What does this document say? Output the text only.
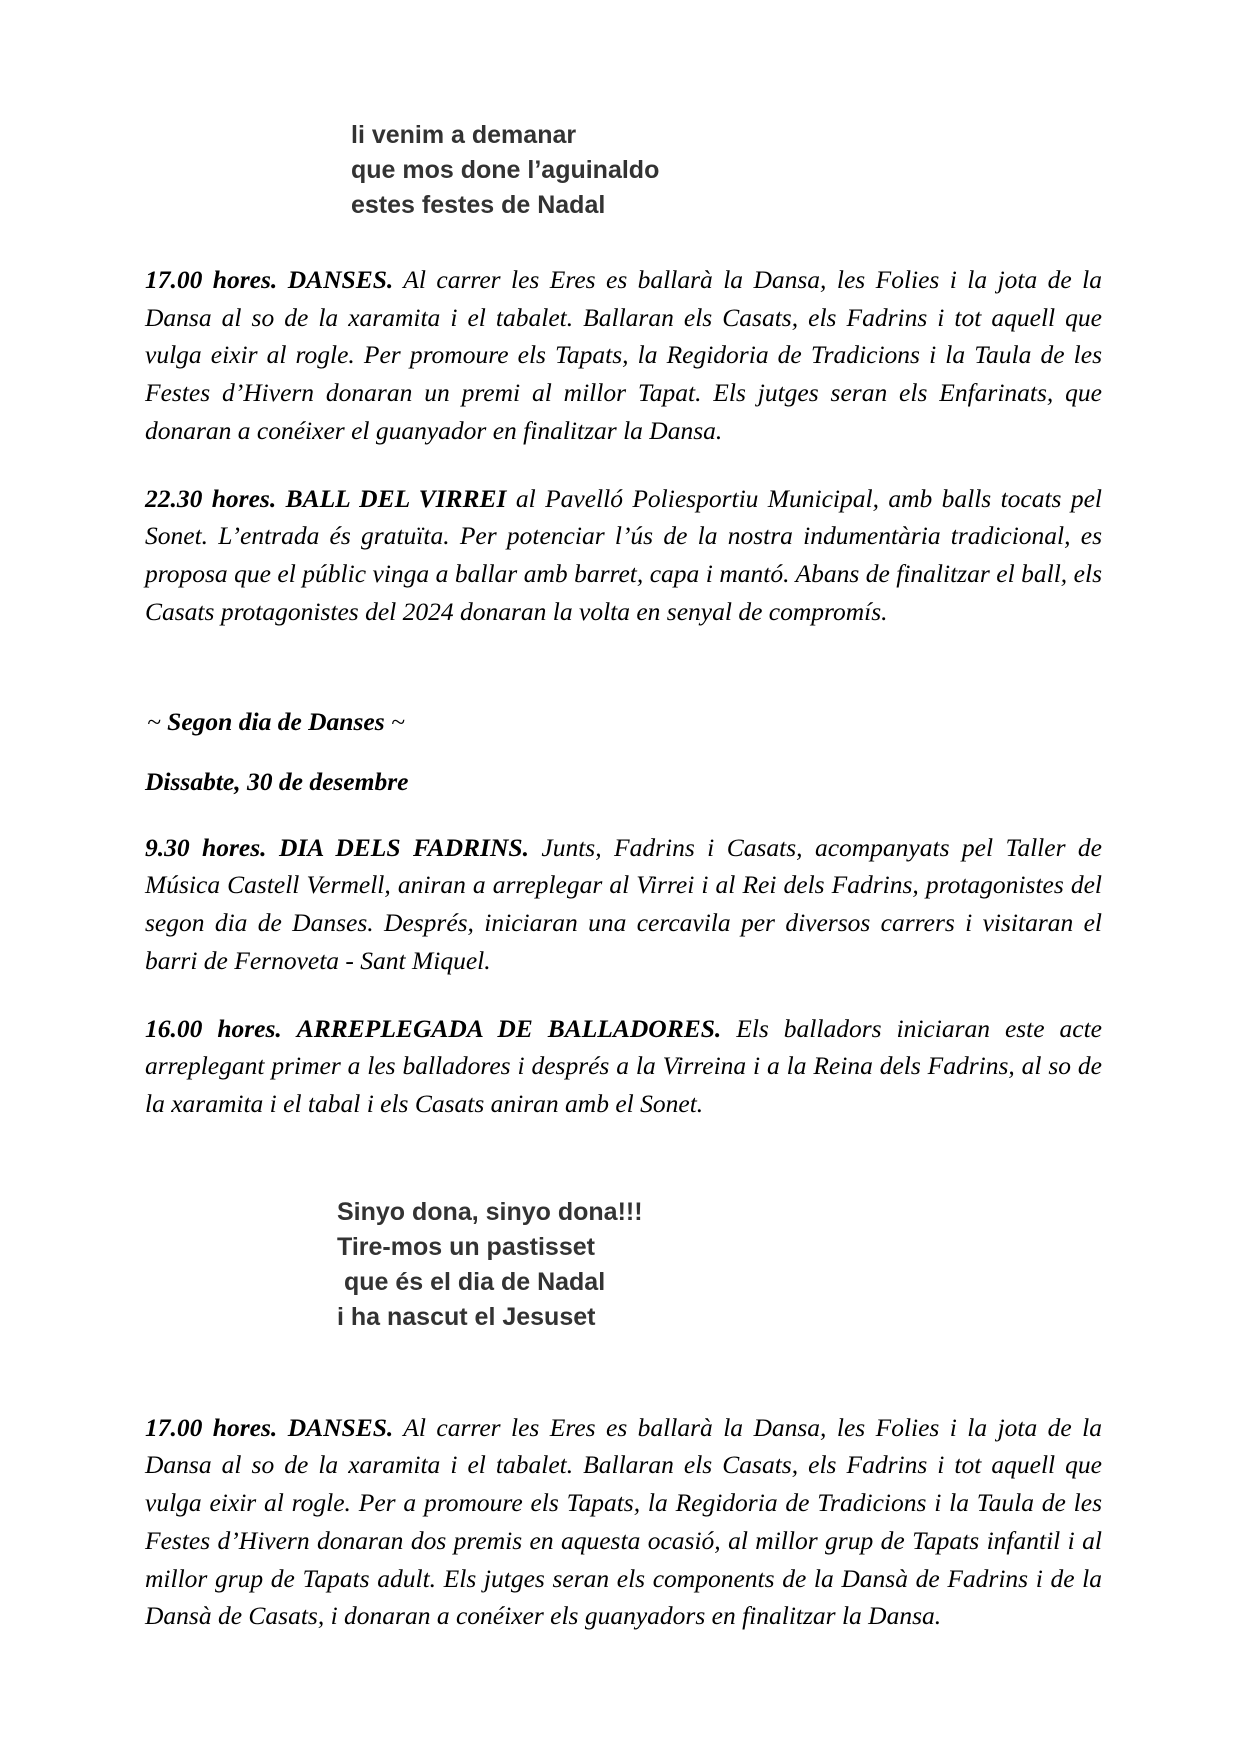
li venim a demanar
que mos done l’aguinaldo
estes festes de Nadal

17.00 hores. DANSES. Al carrer les Eres es ballarà la Dansa, les Folies i la jota de la Dansa al so de la xaramita i el tabalet. Ballaran els Casats, els Fadrins i tot aquell que vulga eixir al rogle. Per promoure els Tapats, la Regidoria de Tradicions i la Taula de les Festes d’Hivern donaran un premi al millor Tapat. Els jutges seran els Enfarinats, que donaran a conéixer el guanyador en finalitzar la Dansa.

22.30 hores. BALL DEL VIRREI al Pavelló Poliesportiu Municipal, amb balls tocats pel Sonet. L’entrada és gratuïta. Per potenciar l’ús de la nostra indumentària tradicional, es proposa que el públic vinga a ballar amb barret, capa i mantó. Abans de finalitzar el ball, els Casats protagonistes del 2024 donaran la volta en senyal de compromís.

~ Segon dia de Danses ~
Dissabte, 30 de desembre

9.30 hores. DIA DELS FADRINS. Junts, Fadrins i Casats, acompanyats pel Taller de Música Castell Vermell, aniran a arreplegar al Virrei i al Rei dels Fadrins, protagonistes del segon dia de Danses. Després, iniciaran una cercavila per diversos carrers i visitaran el barri de Fernoveta - Sant Miquel.

16.00 hores. ARREPLEGADA DE BALLADORES. Els balladors iniciaran este acte arreplegant primer a les balladores i després a la Virreina i a la Reina dels Fadrins, al so de la xaramita i el tabal i els Casats aniran amb el Sonet.

Sinyo dona, sinyo dona!!!
Tire-mos un pastisset
que és el dia de Nadal
i ha nascut el Jesuset

17.00 hores. DANSES. Al carrer les Eres es ballarà la Dansa, les Folies i la jota de la Dansa al so de la xaramita i el tabalet. Ballaran els Casats, els Fadrins i tot aquell que vulga eixir al rogle. Per a promoure els Tapats, la Regidoria de Tradicions i la Taula de les Festes d’Hivern donaran dos premis en aquesta ocasió, al millor grup de Tapats infantil i al millor grup de Tapats adult. Els jutges seran els components de la Dansà de Fadrins i de la Dansà de Casats, i donaran a conéixer els guanyadors en finalitzar la Dansa.
